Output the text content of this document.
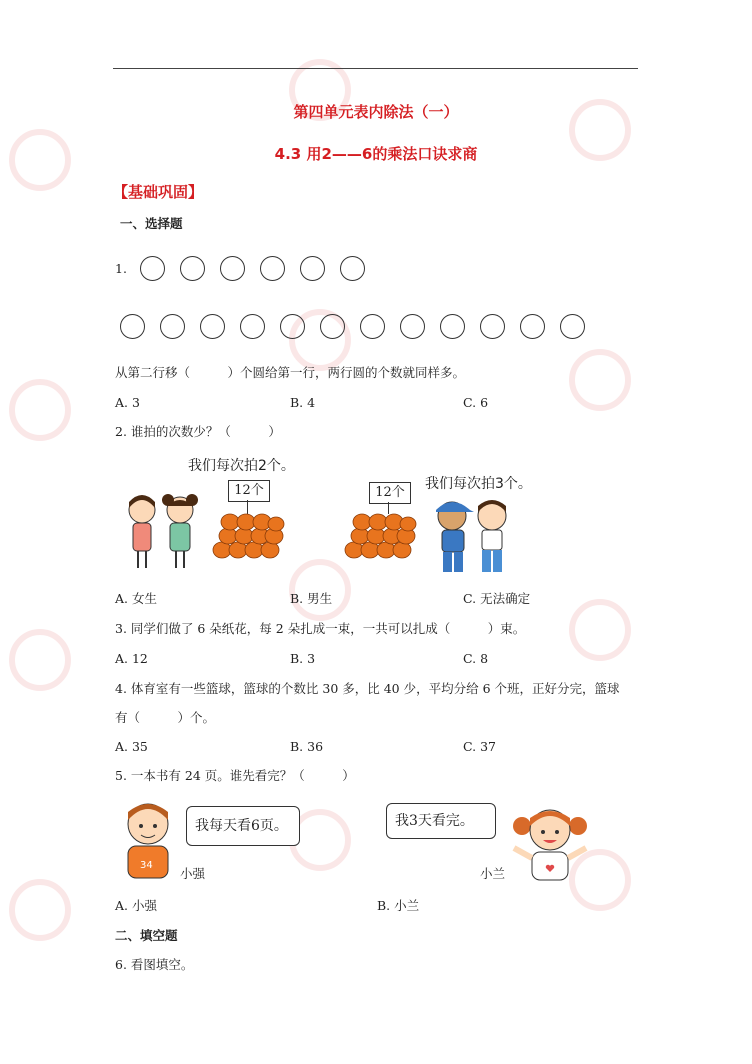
第四单元表内除法（一）
4.3 用2——6的乘法口诀求商
【基础巩固】
一、选择题
1.
从第二行移（　　　）个圆给第一行，两行圆的个数就同样多。
A. 3	B. 4	C. 6
2. 谁拍的次数少？（　　　）
我们每次拍2个。
我们每次拍3个。
12个	12个
A. 女生	B. 男生	C. 无法确定
3. 同学们做了 6 朵纸花，每 2 朵扎成一束，一共可以扎成（　　　）束。
A. 12	B. 3	C. 8
4. 体育室有一些篮球，篮球的个数比 30 多，比 40 少，平均分给 6 个班，正好分完，篮球
有（　　　）个。
A. 35	B. 36	C. 37
5. 一本书有 24 页。谁先看完？（　　　）
34
我每天看6页。
小强
我3天看完。
小兰
A. 小强	B. 小兰
二、填空题
6. 看图填空。
